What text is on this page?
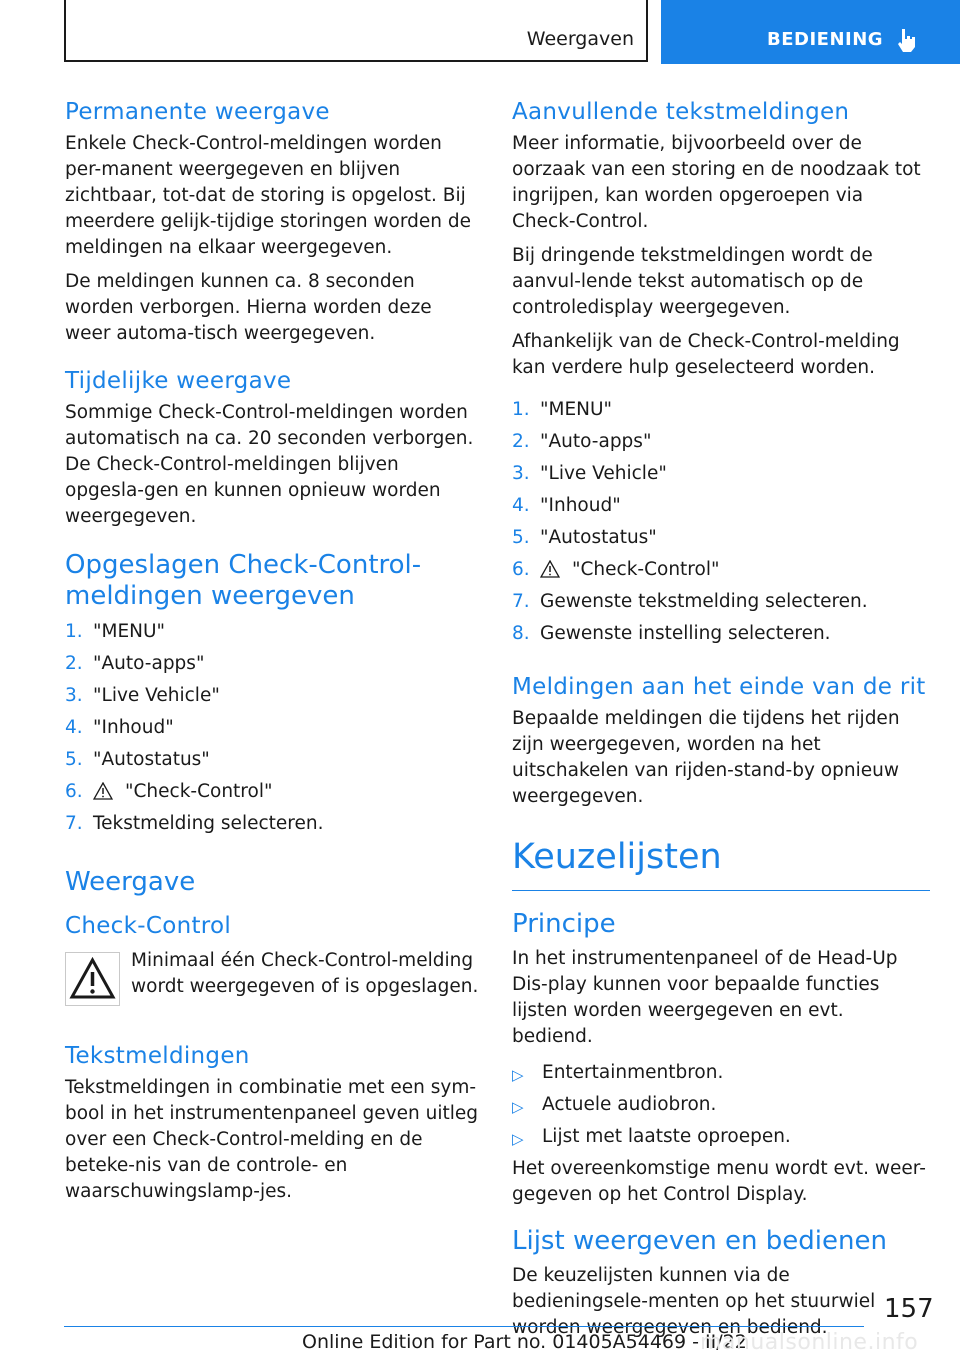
Weergaven	BEDIENING
Permanente weergave

Enkele Check-Control-meldingen worden per-manent weergegeven en blijven zichtbaar, tot-dat de storing is opgelost. Bij meerdere gelijk-tijdige storingen worden de meldingen na elkaar weergegeven.

De meldingen kunnen ca. 8 seconden worden verborgen. Hierna worden deze weer automa-tisch weergegeven.

Tijdelijke weergave

Sommige Check-Control-meldingen worden automatisch na ca. 20 seconden verborgen. De Check-Control-meldingen blijven opgesla-gen en kunnen opnieuw worden weergegeven.

Opgeslagen Check-Control-meldingen weergeven
1. "MENU"
2. "Auto-apps"
3. "Live Vehicle"
4. "Inhoud"
5. "Autostatus"
6. "Check-Control"
7. Tekstmelding selecteren.
Weergave
Check-Control
Minimaal één Check-Control-melding wordt weergegeven of is opgeslagen.
Tekstmeldingen

Tekstmeldingen in combinatie met een sym-bool in het instrumentenpaneel geven uitleg over een Check-Control-melding en de beteke-nis van de controle- en waarschuwingslamp-jes.

Aanvullende tekstmeldingen

Meer informatie, bijvoorbeeld over de oorzaak van een storing en de noodzaak tot ingrijpen, kan worden opgeroepen via Check-Control.

Bij dringende tekstmeldingen wordt de aanvul-lende tekst automatisch op de controledisplay weergegeven.

Afhankelijk van de Check-Control-melding kan verdere hulp geselecteerd worden.

1. "MENU"
2. "Auto-apps"
3. "Live Vehicle"
4. "Inhoud"
5. "Autostatus"
6. "Check-Control"
7. Gewenste tekstmelding selecteren.
8. Gewenste instelling selecteren.
Meldingen aan het einde van de rit

Bepaalde meldingen die tijdens het rijden zijn weergegeven, worden na het uitschakelen van rijden-stand-by opnieuw weergegeven.

Keuzelijsten
Principe

In het instrumentenpaneel of de Head-Up Dis-play kunnen voor bepaalde functies lijsten worden weergegeven en evt. bediend.

▷ Entertainmentbron.
▷ Actuele audiobron.
▷ Lijst met laatste oproepen.

Het overeenkomstige menu wordt evt. weer-gegeven op het Control Display.

Lijst weergeven en bedienen

De keuzelijsten kunnen via de bedieningsele-menten op het stuurwiel worden weergegeven en bediend.

157
Online Edition for Part no. 01405A54469 - II/22
manualsonline.info
